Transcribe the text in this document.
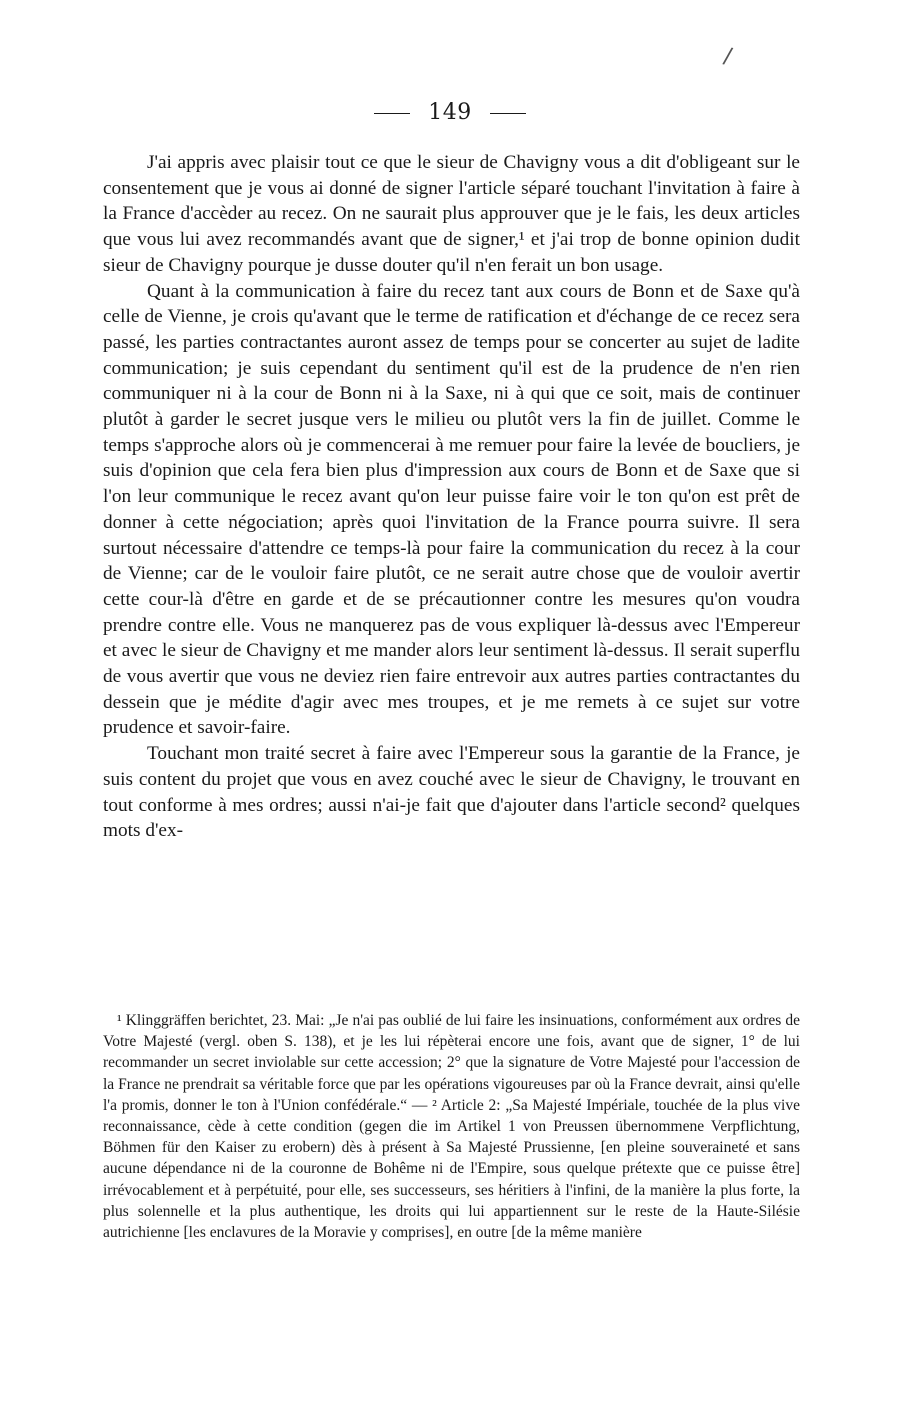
/
149

J'ai appris avec plaisir tout ce que le sieur de Chavigny vous a dit d'obligeant sur le consentement que je vous ai donné de signer l'article séparé touchant l'invitation à faire à la France d'accèder au recez. On ne saurait plus approuver que je le fais, les deux articles que vous lui avez recommandés avant que de signer,¹ et j'ai trop de bonne opinion dudit sieur de Chavigny pourque je dusse douter qu'il n'en ferait un bon usage.

Quant à la communication à faire du recez tant aux cours de Bonn et de Saxe qu'à celle de Vienne, je crois qu'avant que le terme de ratification et d'échange de ce recez sera passé, les parties contractantes auront assez de temps pour se concerter au sujet de ladite communication; je suis cependant du sentiment qu'il est de la prudence de n'en rien communiquer ni à la cour de Bonn ni à la Saxe, ni à qui que ce soit, mais de continuer plutôt à garder le secret jusque vers le milieu ou plutôt vers la fin de juillet. Comme le temps s'approche alors où je commencerai à me remuer pour faire la levée de boucliers, je suis d'opinion que cela fera bien plus d'impression aux cours de Bonn et de Saxe que si l'on leur communique le recez avant qu'on leur puisse faire voir le ton qu'on est prêt de donner à cette négociation; après quoi l'invitation de la France pourra suivre. Il sera surtout nécessaire d'attendre ce temps-là pour faire la communication du recez à la cour de Vienne; car de le vouloir faire plutôt, ce ne serait autre chose que de vouloir avertir cette cour-là d'être en garde et de se précautionner contre les mesures qu'on voudra prendre contre elle. Vous ne manquerez pas de vous expliquer là-dessus avec l'Empereur et avec le sieur de Chavigny et me mander alors leur sentiment là-dessus. Il serait superflu de vous avertir que vous ne deviez rien faire entrevoir aux autres parties contractantes du dessein que je médite d'agir avec mes troupes, et je me remets à ce sujet sur votre prudence et savoir-faire.

Touchant mon traité secret à faire avec l'Empereur sous la garantie de la France, je suis content du projet que vous en avez couché avec le sieur de Chavigny, le trouvant en tout conforme à mes ordres; aussi n'ai-je fait que d'ajouter dans l'article second² quelques mots d'ex-

¹ Klinggräffen berichtet, 23. Mai: „Je n'ai pas oublié de lui faire les insinuations, conformément aux ordres de Votre Majesté (vergl. oben S. 138), et je les lui répèterai encore une fois, avant que de signer, 1° de lui recommander un secret inviolable sur cette accession; 2° que la signature de Votre Majesté pour l'accession de la France ne prendrait sa véritable force que par les opérations vigoureuses par où la France devrait, ainsi qu'elle l'a promis, donner le ton à l'Union confédérale.“ — ² Article 2: „Sa Majesté Impériale, touchée de la plus vive reconnaissance, cède à cette condition (gegen die im Artikel 1 von Preussen übernommene Verpflichtung, Böhmen für den Kaiser zu erobern) dès à présent à Sa Majesté Prussienne, [en pleine souveraineté et sans aucune dépendance ni de la couronne de Bohême ni de l'Empire, sous quelque prétexte que ce puisse être] irrévocablement et à perpétuité, pour elle, ses successeurs, ses héritiers à l'infini, de la manière la plus forte, la plus solennelle et la plus authentique, les droits qui lui appartiennent sur le reste de la Haute-Silésie autrichienne [les enclavures de la Moravie y comprises], en outre [de la même manière
